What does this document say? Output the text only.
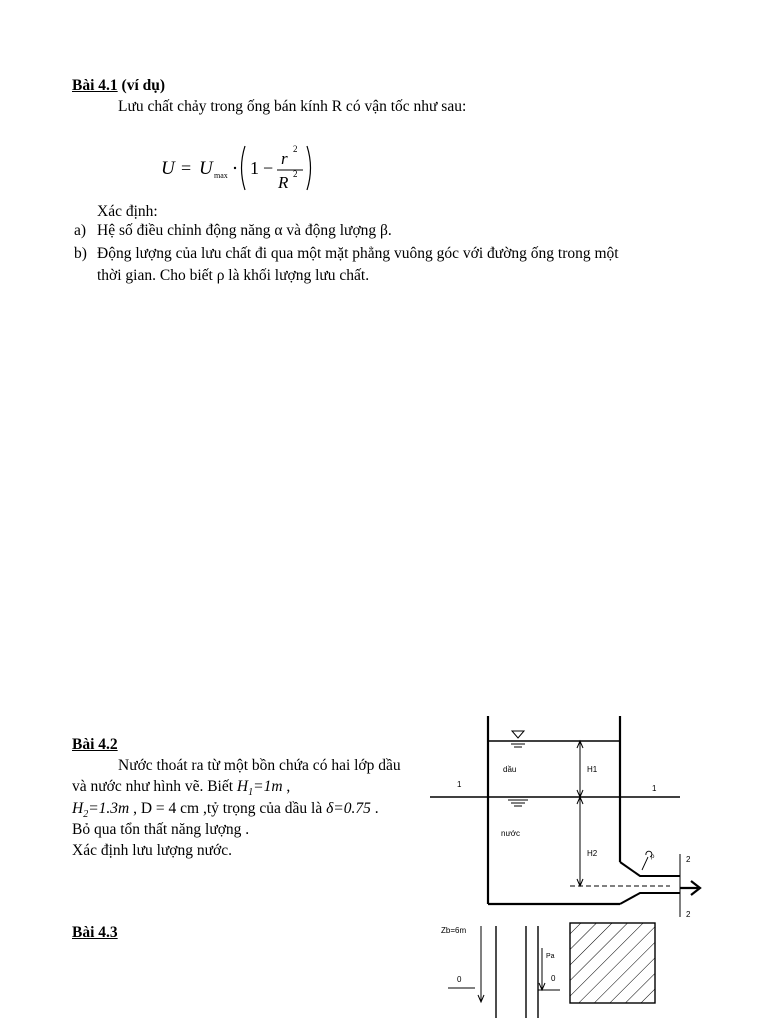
Bài 4.1 (ví dụ)
Lưu chất chảy trong ống bán kính R có vận tốc như sau:
U = U max 1 − r 2
R 2
Xác định:
a) Hệ số điều chỉnh động năng α và động lượng β.
b) Động lượng của lưu chất đi qua một mặt phẳng vuông góc với đường ống trong một
thời gian. Cho biết ρ là khối lượng lưu chất.
Bài 4.2
Nước thoát ra từ một bồn chứa có hai lớp dầu
và nước như hình vẽ. Biết $H_1=1m$ ,
$H_2=1.3m$ , D = 4 cm ,tỷ trọng của dầu là δ=0.75 .
Bỏ qua tổn thất năng lượng .
Xác định lưu lượng nước.
dầu
nước
1	1
H1
H2
2
2
ρ
Bài 4.3	Zb=6m
0	0
Pa
